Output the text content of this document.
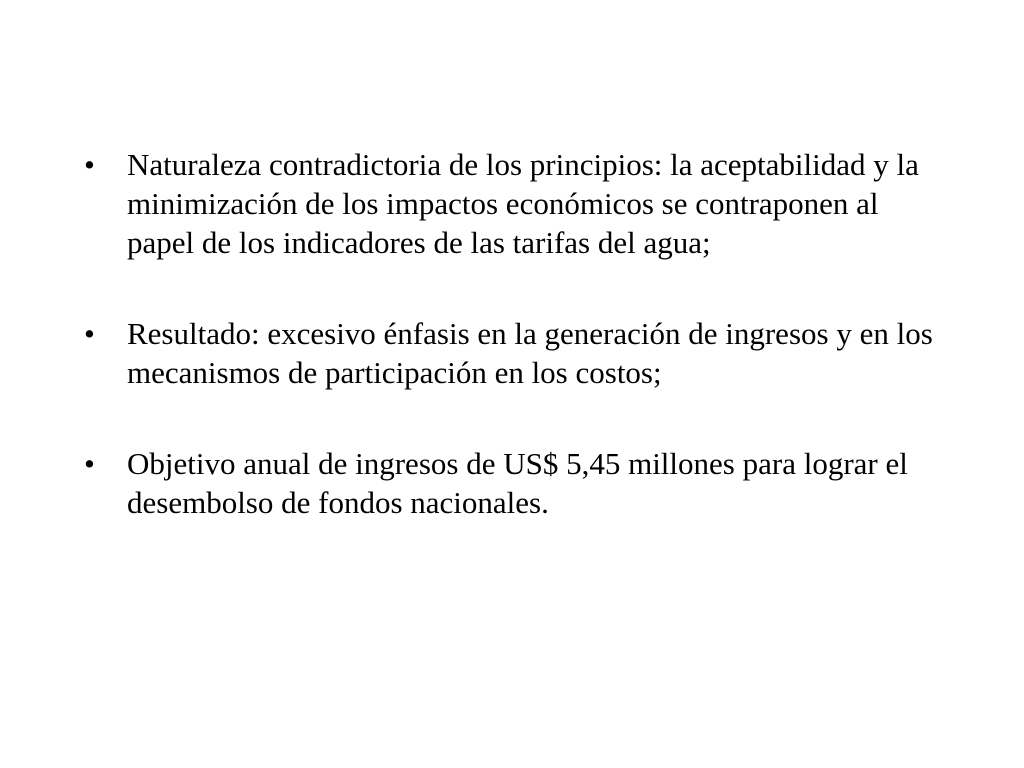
•	Naturaleza contradictoria de los principios: la aceptabilidad y la minimización de los impactos económicos se contraponen al papel de los indicadores de las tarifas del agua;
•	Resultado: excesivo énfasis en la generación de ingresos y en los mecanismos de participación en los costos;
•	Objetivo anual de ingresos de US$ 5,45 millones para lograr el desembolso de fondos nacionales.
